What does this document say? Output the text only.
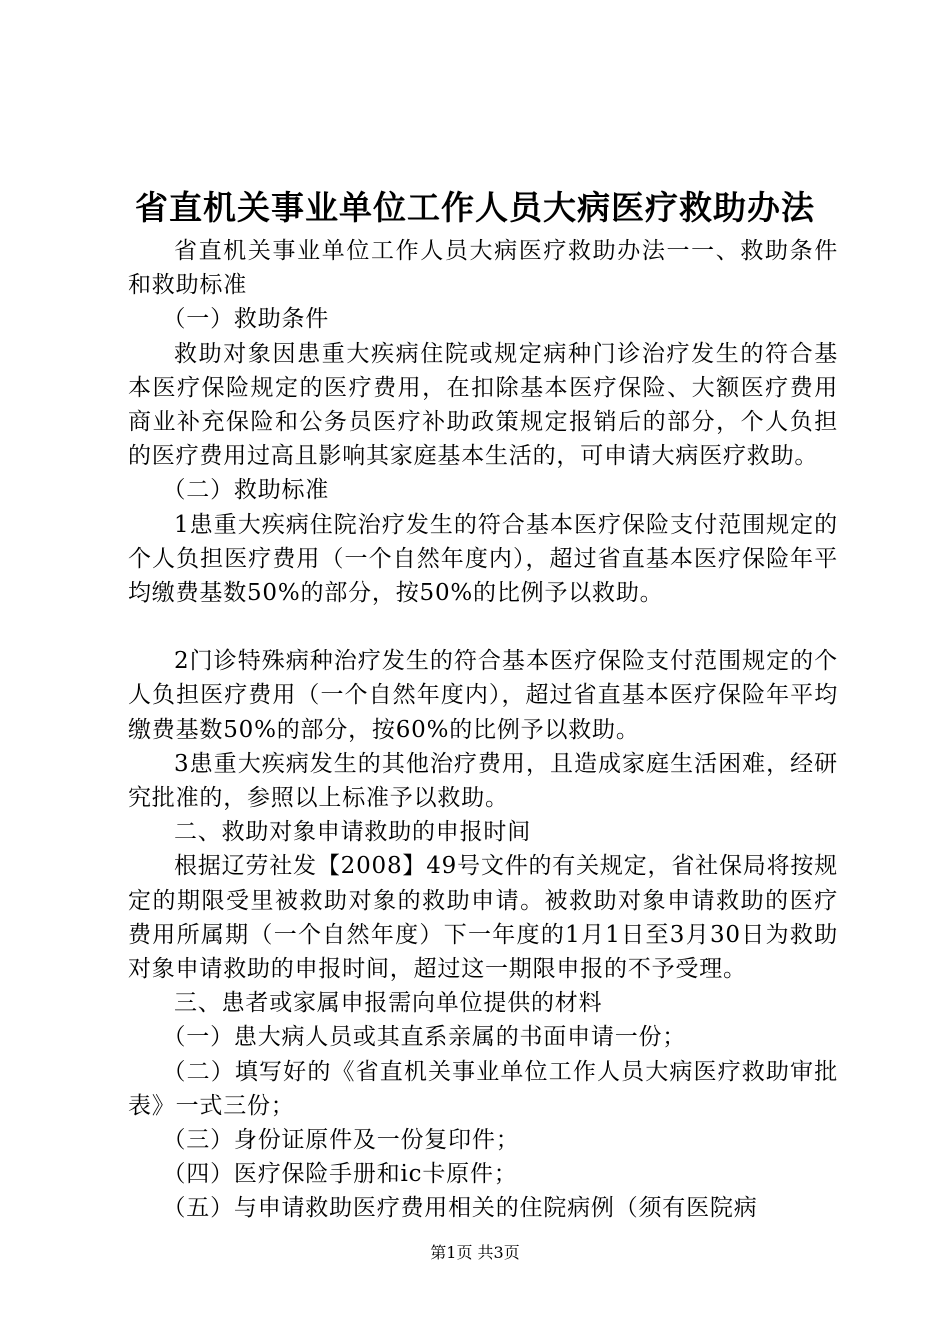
省直机关事业单位工作人员大病医疗救助办法

省直机关事业单位工作人员大病医疗救助办法一一、救助条件和救助标准

（一）救助条件

救助对象因患重大疾病住院或规定病种门诊治疗发生的符合基本医疗保险规定的医疗费用，在扣除基本医疗保险、大额医疗费用商业补充保险和公务员医疗补助政策规定报销后的部分，个人负担的医疗费用过高且影响其家庭基本生活的，可申请大病医疗救助。

（二）救助标准

1患重大疾病住院治疗发生的符合基本医疗保险支付范围规定的个人负担医疗费用（一个自然年度内），超过省直基本医疗保险年平均缴费基数50%的部分，按50%的比例予以救助。

2门诊特殊病种治疗发生的符合基本医疗保险支付范围规定的个人负担医疗费用（一个自然年度内），超过省直基本医疗保险年平均缴费基数50%的部分，按60%的比例予以救助。

3患重大疾病发生的其他治疗费用，且造成家庭生活困难，经研究批准的，参照以上标准予以救助。

二、救助对象申请救助的申报时间

根据辽劳社发【2008】49号文件的有关规定，省社保局将按规定的期限受里被救助对象的救助申请。被救助对象申请救助的医疗费用所属期（一个自然年度）下一年度的1月1日至3月30日为救助对象申请救助的申报时间，超过这一期限申报的不予受理。

三、患者或家属申报需向单位提供的材料

（一）患大病人员或其直系亲属的书面申请一份；

（二）填写好的《省直机关事业单位工作人员大病医疗救助审批表》一式三份；

（三）身份证原件及一份复印件；

（四）医疗保险手册和ic卡原件；

（五）与申请救助医疗费用相关的住院病例（须有医院病

第1页 共3页
